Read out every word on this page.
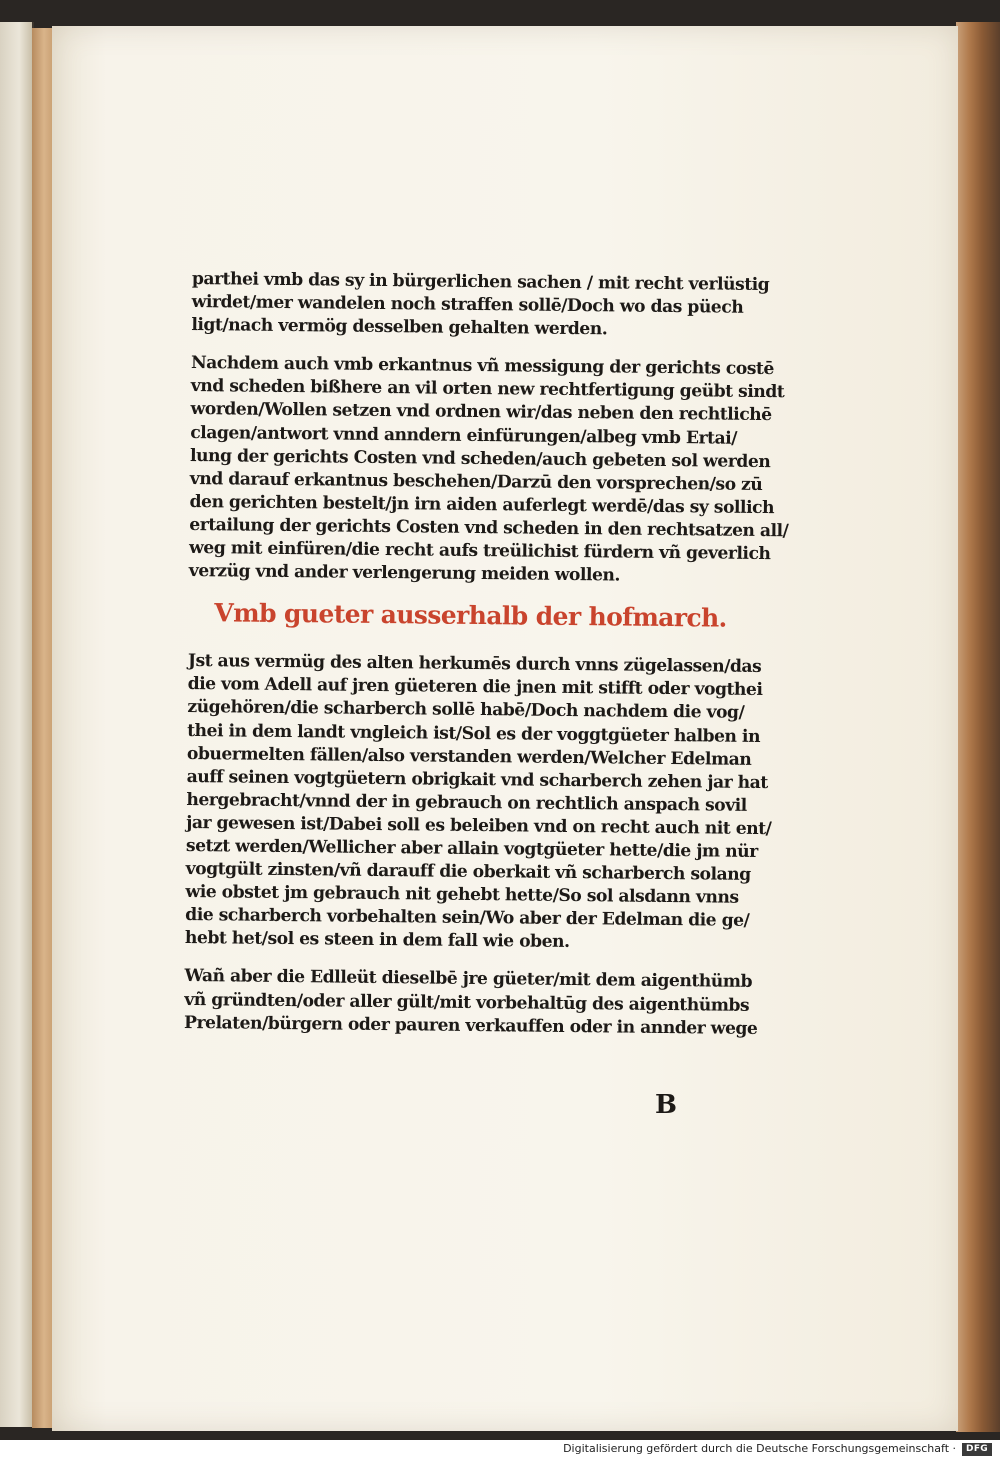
parthei vmb das sy in bürgerlichen sachen / mit recht verlüstig

wirdet/mer wandelen noch straffen sollē/Doch wo das püech

ligt/nach vermög desselben gehalten werden.

Nachdem auch vmb erkantnus vñ messigung der gerichts costē

vnd scheden bißhere an vil orten new rechtfertigung geübt sindt

worden/Wollen setzen vnd ordnen wir/das neben den rechtlichē

clagen/antwort vnnd anndern einfürungen/albeg vmb Ertai/

lung der gerichts Costen vnd scheden/auch gebeten sol werden

vnd darauf erkantnus beschehen/Darzū den vorsprechen/so zū

den gerichten bestelt/jn irn aiden auferlegt werdē/das sy sollich

ertailung der gerichts Costen vnd scheden in den rechtsatzen all/

weg mit einfüren/die recht aufs treülichist fürdern vñ geverlich

verzüg vnd ander verlengerung meiden wollen.

Vmb gueter ausserhalb der hofmarch.

Jst aus vermüg des alten herkumēs durch vnns zügelassen/das

die vom Adell auf jren güeteren die jnen mit stifft oder vogthei

zügehören/die scharberch sollē habē/Doch nachdem die vog/

thei in dem landt vngleich ist/Sol es der voggtgüeter halben in

obuermelten fällen/also verstanden werden/Welcher Edelman

auff seinen vogtgüetern obrigkait vnd scharberch zehen jar hat

hergebracht/vnnd der in gebrauch on rechtlich anspach sovil

jar gewesen ist/Dabei soll es beleiben vnd on recht auch nit ent/

setzt werden/Wellicher aber allain vogtgüeter hette/die jm nür

vogtgült zinsten/vñ darauff die oberkait vñ scharberch solang

wie obstet jm gebrauch nit gehebt hette/So sol alsdann vnns

die scharberch vorbehalten sein/Wo aber der Edelman die ge/

hebt het/sol es steen in dem fall wie oben.

Wañ aber die Edlleüt dieselbē jre güeter/mit dem aigenthümb

vñ gründten/oder aller gült/mit vorbehaltūg des aigenthümbs

Prelaten/bürgern oder pauren verkauffen oder in annder wege

B
Digitalisierung gefördert durch die Deutsche Forschungsgemeinschaft ·	DFG
